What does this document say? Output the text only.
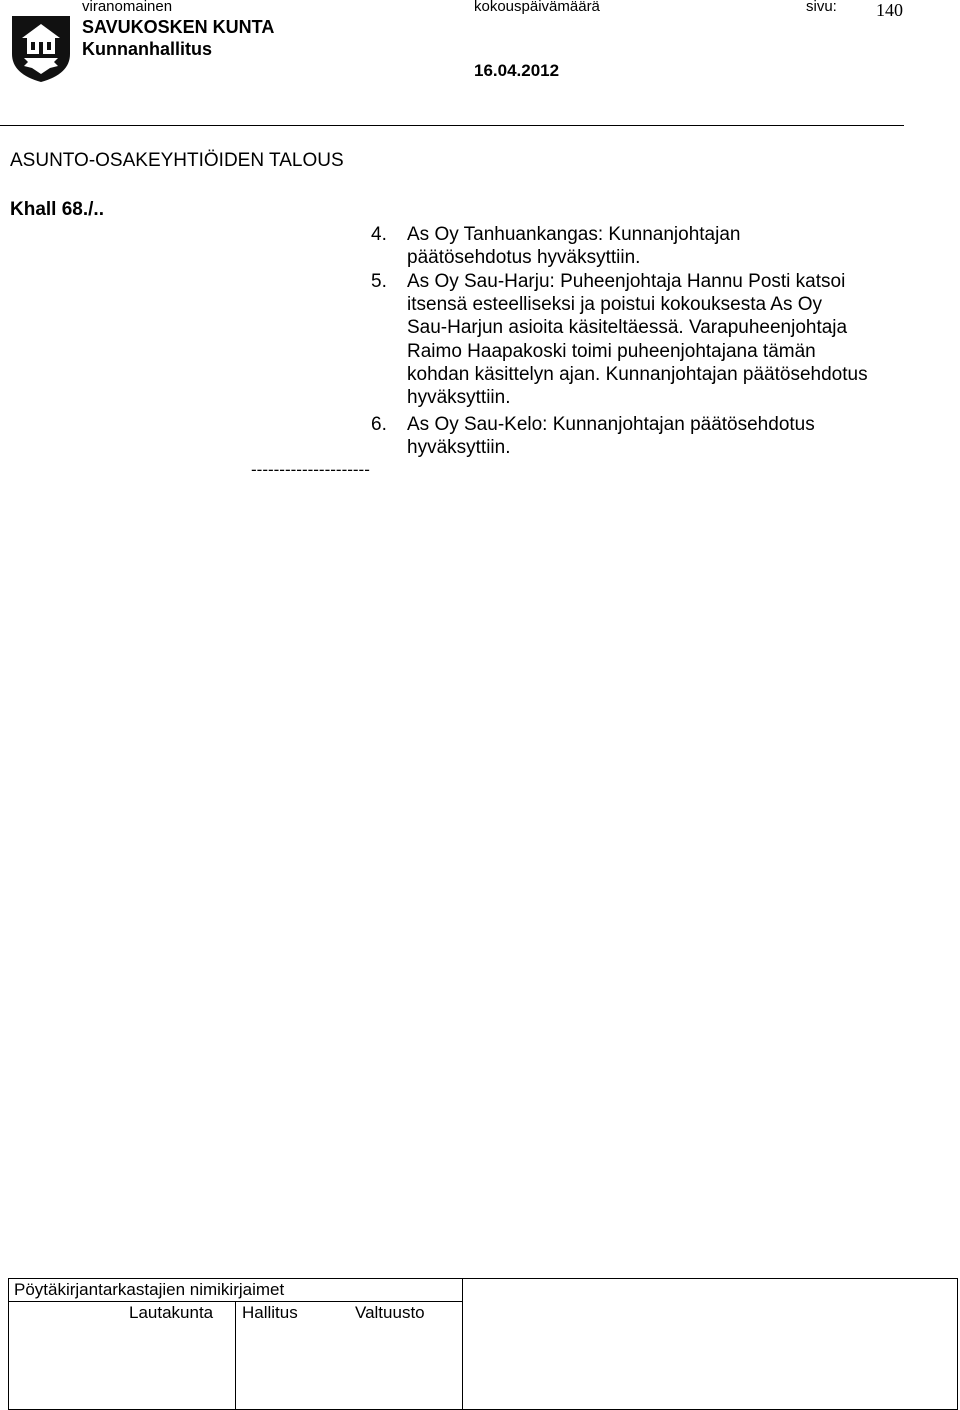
viranomainen
SAVUKOSKEN KUNTA
Kunnanhallitus
kokouspäivämäärä
16.04.2012
sivu: 140
ASUNTO-OSAKEYHTIÖIDEN TALOUS
Khall 68./..
4. As Oy Tanhuankangas: Kunnanjohtajan
päätösehdotus hyväksyttiin.
5. As Oy Sau-Harju: Puheenjohtaja Hannu Posti katsoi
itsensä esteelliseksi ja poistui kokouksesta As Oy
Sau-Harjun asioita käsiteltäessä. Varapuheenjohtaja
Raimo Haapakoski toimi puheenjohtajana tämän
kohdan käsittelyn ajan. Kunnanjohtajan päätösehdotus
hyväksyttiin.
6. As Oy Sau-Kelo: Kunnanjohtajan päätösehdotus
hyväksyttiin.
---------------------
Pöytäkirjantarkastajien nimikirjaimet
Lautakunta Hallitus	Valtuusto
